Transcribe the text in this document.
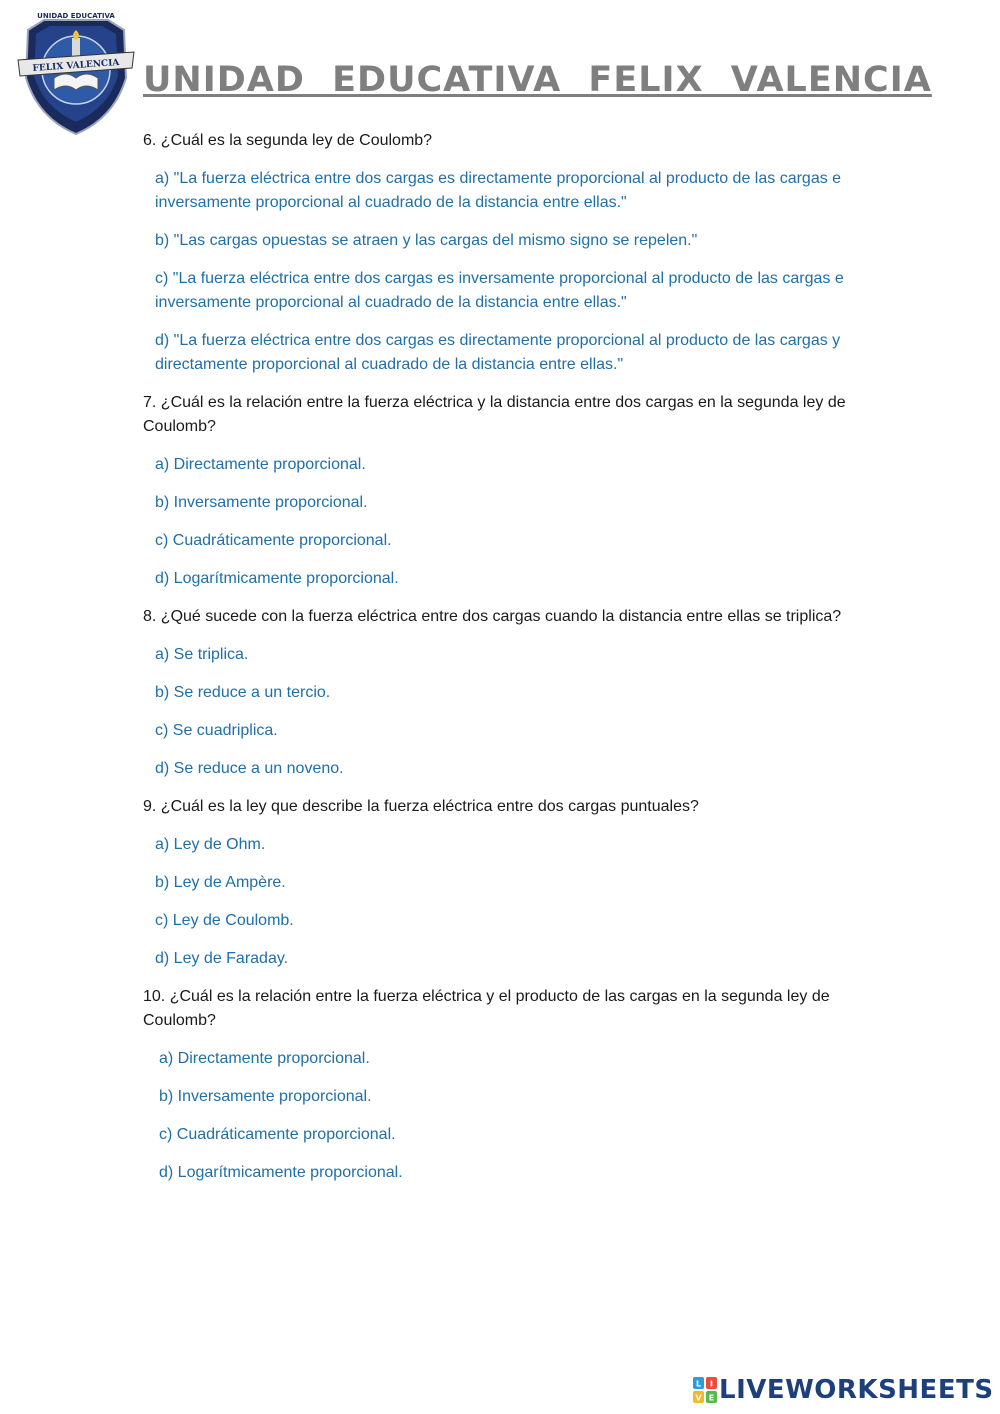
FELIX VALENCIA
UNIDAD EDUCATIVA
UNIDAD EDUCATIVA FELIX VALENCIA

6. ¿Cuál es la segunda ley de Coulomb?

a) "La fuerza eléctrica entre dos cargas es directamente proporcional al producto de las cargas e inversamente proporcional al cuadrado de la distancia entre ellas."

b) "Las cargas opuestas se atraen y las cargas del mismo signo se repelen."

c) "La fuerza eléctrica entre dos cargas es inversamente proporcional al producto de las cargas e inversamente proporcional al cuadrado de la distancia entre ellas."

d) "La fuerza eléctrica entre dos cargas es directamente proporcional al producto de las cargas y directamente proporcional al cuadrado de la distancia entre ellas."

7. ¿Cuál es la relación entre la fuerza eléctrica y la distancia entre dos cargas en la segunda ley de Coulomb?

a) Directamente proporcional.

b) Inversamente proporcional.

c) Cuadráticamente proporcional.

d) Logarítmicamente proporcional.

8. ¿Qué sucede con la fuerza eléctrica entre dos cargas cuando la distancia entre ellas se triplica?

a) Se triplica.

b) Se reduce a un tercio.

c) Se cuadriplica.

d) Se reduce a un noveno.

9. ¿Cuál es la ley que describe la fuerza eléctrica entre dos cargas puntuales?

a) Ley de Ohm.

b) Ley de Ampère.

c) Ley de Coulomb.

d) Ley de Faraday.

10. ¿Cuál es la relación entre la fuerza eléctrica y el producto de las cargas en la segunda ley de Coulomb?

a) Directamente proporcional.

b) Inversamente proporcional.

c) Cuadráticamente proporcional.

d) Logarítmicamente proporcional.

L I
V E LIVEWORKSHEETS
